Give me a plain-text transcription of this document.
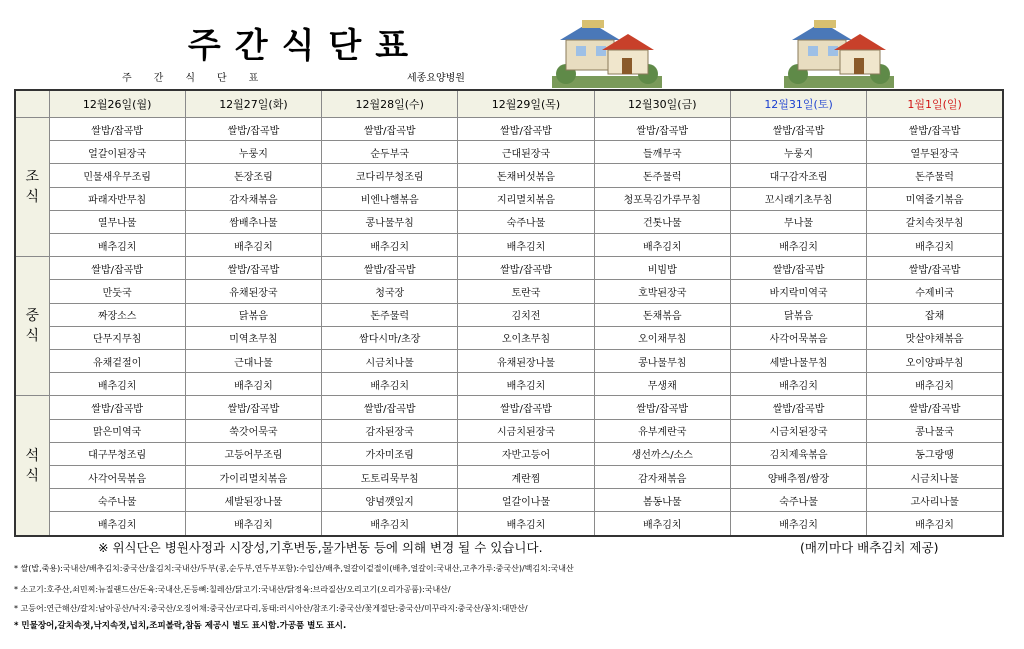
주간식단표
주간식단표	세종요양병원
	12월26일(월)	12월27일(화)	12월28일(수)	12월29일(목)	12월30일(금)	12월31일(토)	1월1일(일)
조식	쌀밥/잡곡밥	쌀밥/잡곡밥	쌀밥/잡곡밥	쌀밥/잡곡밥	쌀밥/잡곡밥	쌀밥/잡곡밥	쌀밥/잡곡밥
	얼갈이된장국	누룽지	순두부국	근대된장국	들깨무국	누룽지	열무된장국
	민물새우무조림	돈장조림	코다리무청조림	돈채버섯볶음	돈주물럭	대구감자조림	돈주물럭
	파래자반무침	감자채볶음	비엔나햄볶음	지리멸치볶음	청포묵김가루무침	꼬시래기초무침	미역줄기볶음
	열무나물	쌈배추나물	콩나물무침	숙주나물	건톳나물	무나물	갈치속젓무침
	배추김치	배추김치	배추김치	배추김치	배추김치	배추김치	배추김치
중식	쌀밥/잡곡밥	쌀밥/잡곡밥	쌀밥/잡곡밥	쌀밥/잡곡밥	비빔밥	쌀밥/잡곡밥	쌀밥/잡곡밥
	만둣국	유채된장국	청국장	토란국	호박된장국	바지락미역국	수제비국
	짜장소스	닭볶음	돈주물럭	김치전	돈채볶음	닭볶음	잡채
	단무지무침	미역초무침	쌈다시마/초장	오이초무침	오이채무침	사각어묵볶음	맛살야채볶음
	유채겉절이	근대나물	시금치나물	유채된장나물	콩나물무침	세발나물무침	오이양파무침
	배추김치	배추김치	배추김치	배추김치	무생채	배추김치	배추김치
석식	쌀밥/잡곡밥	쌀밥/잡곡밥	쌀밥/잡곡밥	쌀밥/잡곡밥	쌀밥/잡곡밥	쌀밥/잡곡밥	쌀밥/잡곡밥
	맑은미역국	쑥갓어묵국	감자된장국	시금치된장국	유부계란국	시금치된장국	콩나물국
	대구무청조림	고등어무조림	가자미조림	자반고등어	생선까스/소스	김치제육볶음	동그랑땡
	사각어묵볶음	가이리멸치볶음	도토리묵무침	계란찜	감자채볶음	양배추찜/쌈장	시금치나물
	숙주나물	세발된장나물	양념깻잎지	얼갈이나물	봄동나물	숙주나물	고사리나물
	배추김치	배추김치	배추김치	배추김치	배추김치	배추김치	배추김치
※ 위식단은 병원사정과 시장성,기후변동,물가변동 등에 의해 변경 될 수 있습니다.	(매끼마다 배추김치 제공)
* 쌀(밥,죽용):국내산/배추김치:중국산/울김치:국내산/두부(콩,순두부,연두부포함):수입산/배추,얼갈이겉절이(배추,얼갈이:국내산,고추가루:중국산)/백김치:국내산
* 소고기:호주산,쇠민찌:뉴질랜드산/돈육:국내산,돈등뼈:칠레산/닭고기:국내산/닭정육:브라질산/오리고기(오리가공품):국내산/
* 고등어:연근해산/갈치:남아공산/낙지:중국산/오징어채:중국산/코다리,동태:러시아산/참조기:중국산/꽃게절단:중국산/미꾸라지:중국산/꽁치:대만산/
* 민물장어,갈치속젓,낙지속젓,넙치,조피볼락,참돔 제공시 별도 표시함.가공품 별도 표시.
